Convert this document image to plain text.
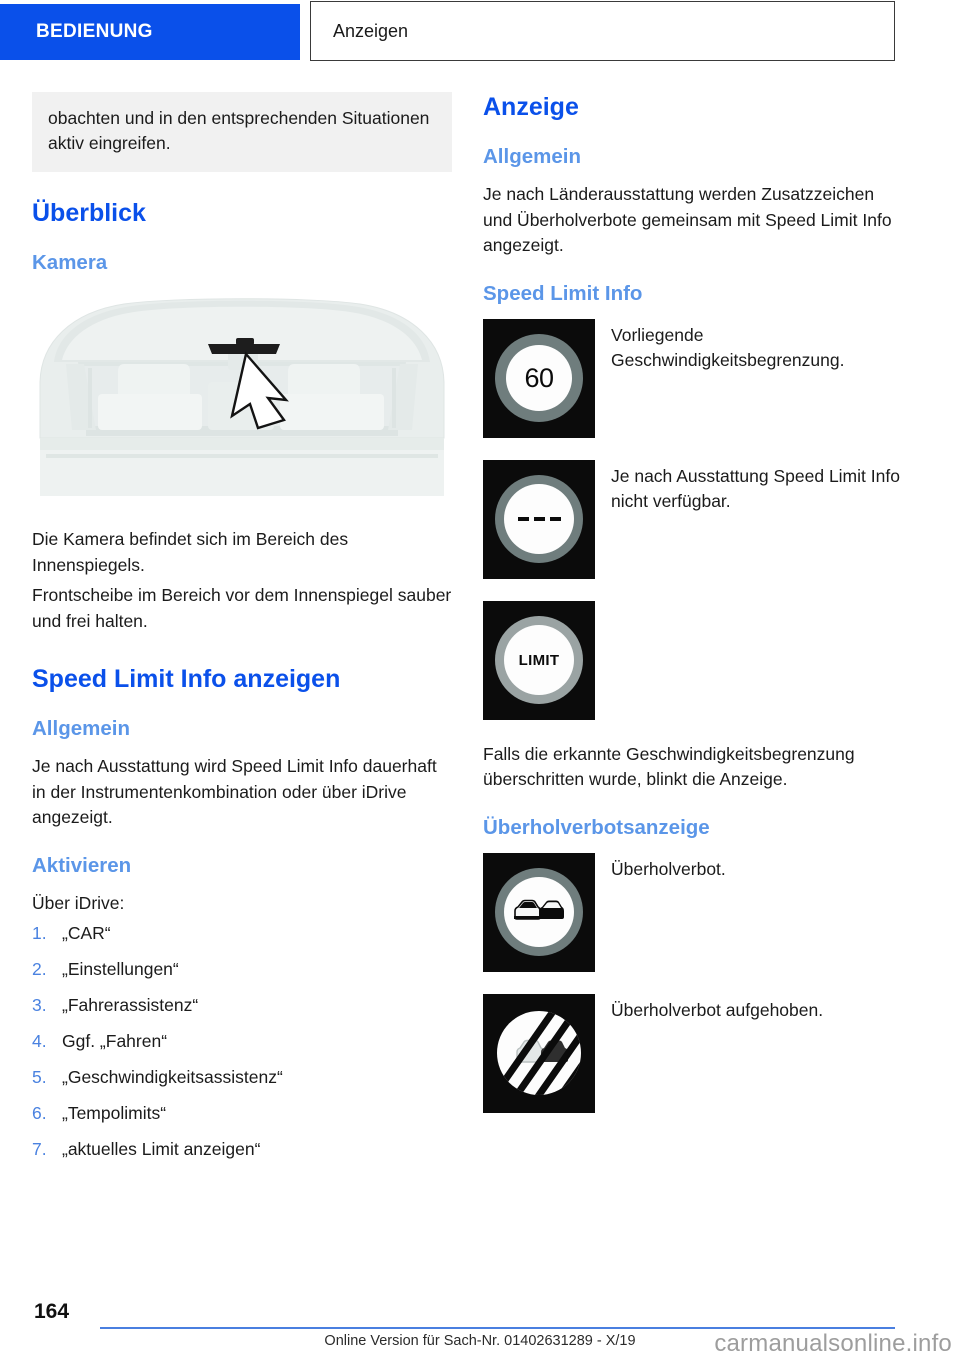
BEDIENUNG	Anzeigen

obachten und in den entsprechenden Situationen aktiv eingreifen.

Überblick
Kamera

Die Kamera befindet sich im Bereich des Innenspiegels.

Frontscheibe im Bereich vor dem Innenspiegel sauber und frei halten.

Speed Limit Info anzeigen
Allgemein

Je nach Ausstattung wird Speed Limit Info dauerhaft in der Instrumentenkombination oder über iDrive angezeigt.

Aktivieren

Über iDrive:

1. „CAR“
2. „Einstellungen“
3. „Fahrerassistenz“
4. Ggf. „Fahren“
5. „Geschwindigkeitsassistenz“
6. „Tempolimits“
7. „aktuelles Limit anzeigen“
Anzeige
Allgemein

Je nach Länderausstattung werden Zusatzzeichen und Überholverbote gemeinsam mit Speed Limit Info angezeigt.

Speed Limit Info
60
Vorliegende Geschwindigkeitsbegrenzung.
Je nach Ausstattung Speed Limit Info nicht verfügbar.
LIMIT

Falls die erkannte Geschwindigkeitsbegrenzung überschritten wurde, blinkt die Anzeige.

Überholverbotsanzeige
Überholverbot.
Überholverbot aufgehoben.
164
Online Version für Sach-Nr. 01402631289 - X/19	carmanualsonline.info
